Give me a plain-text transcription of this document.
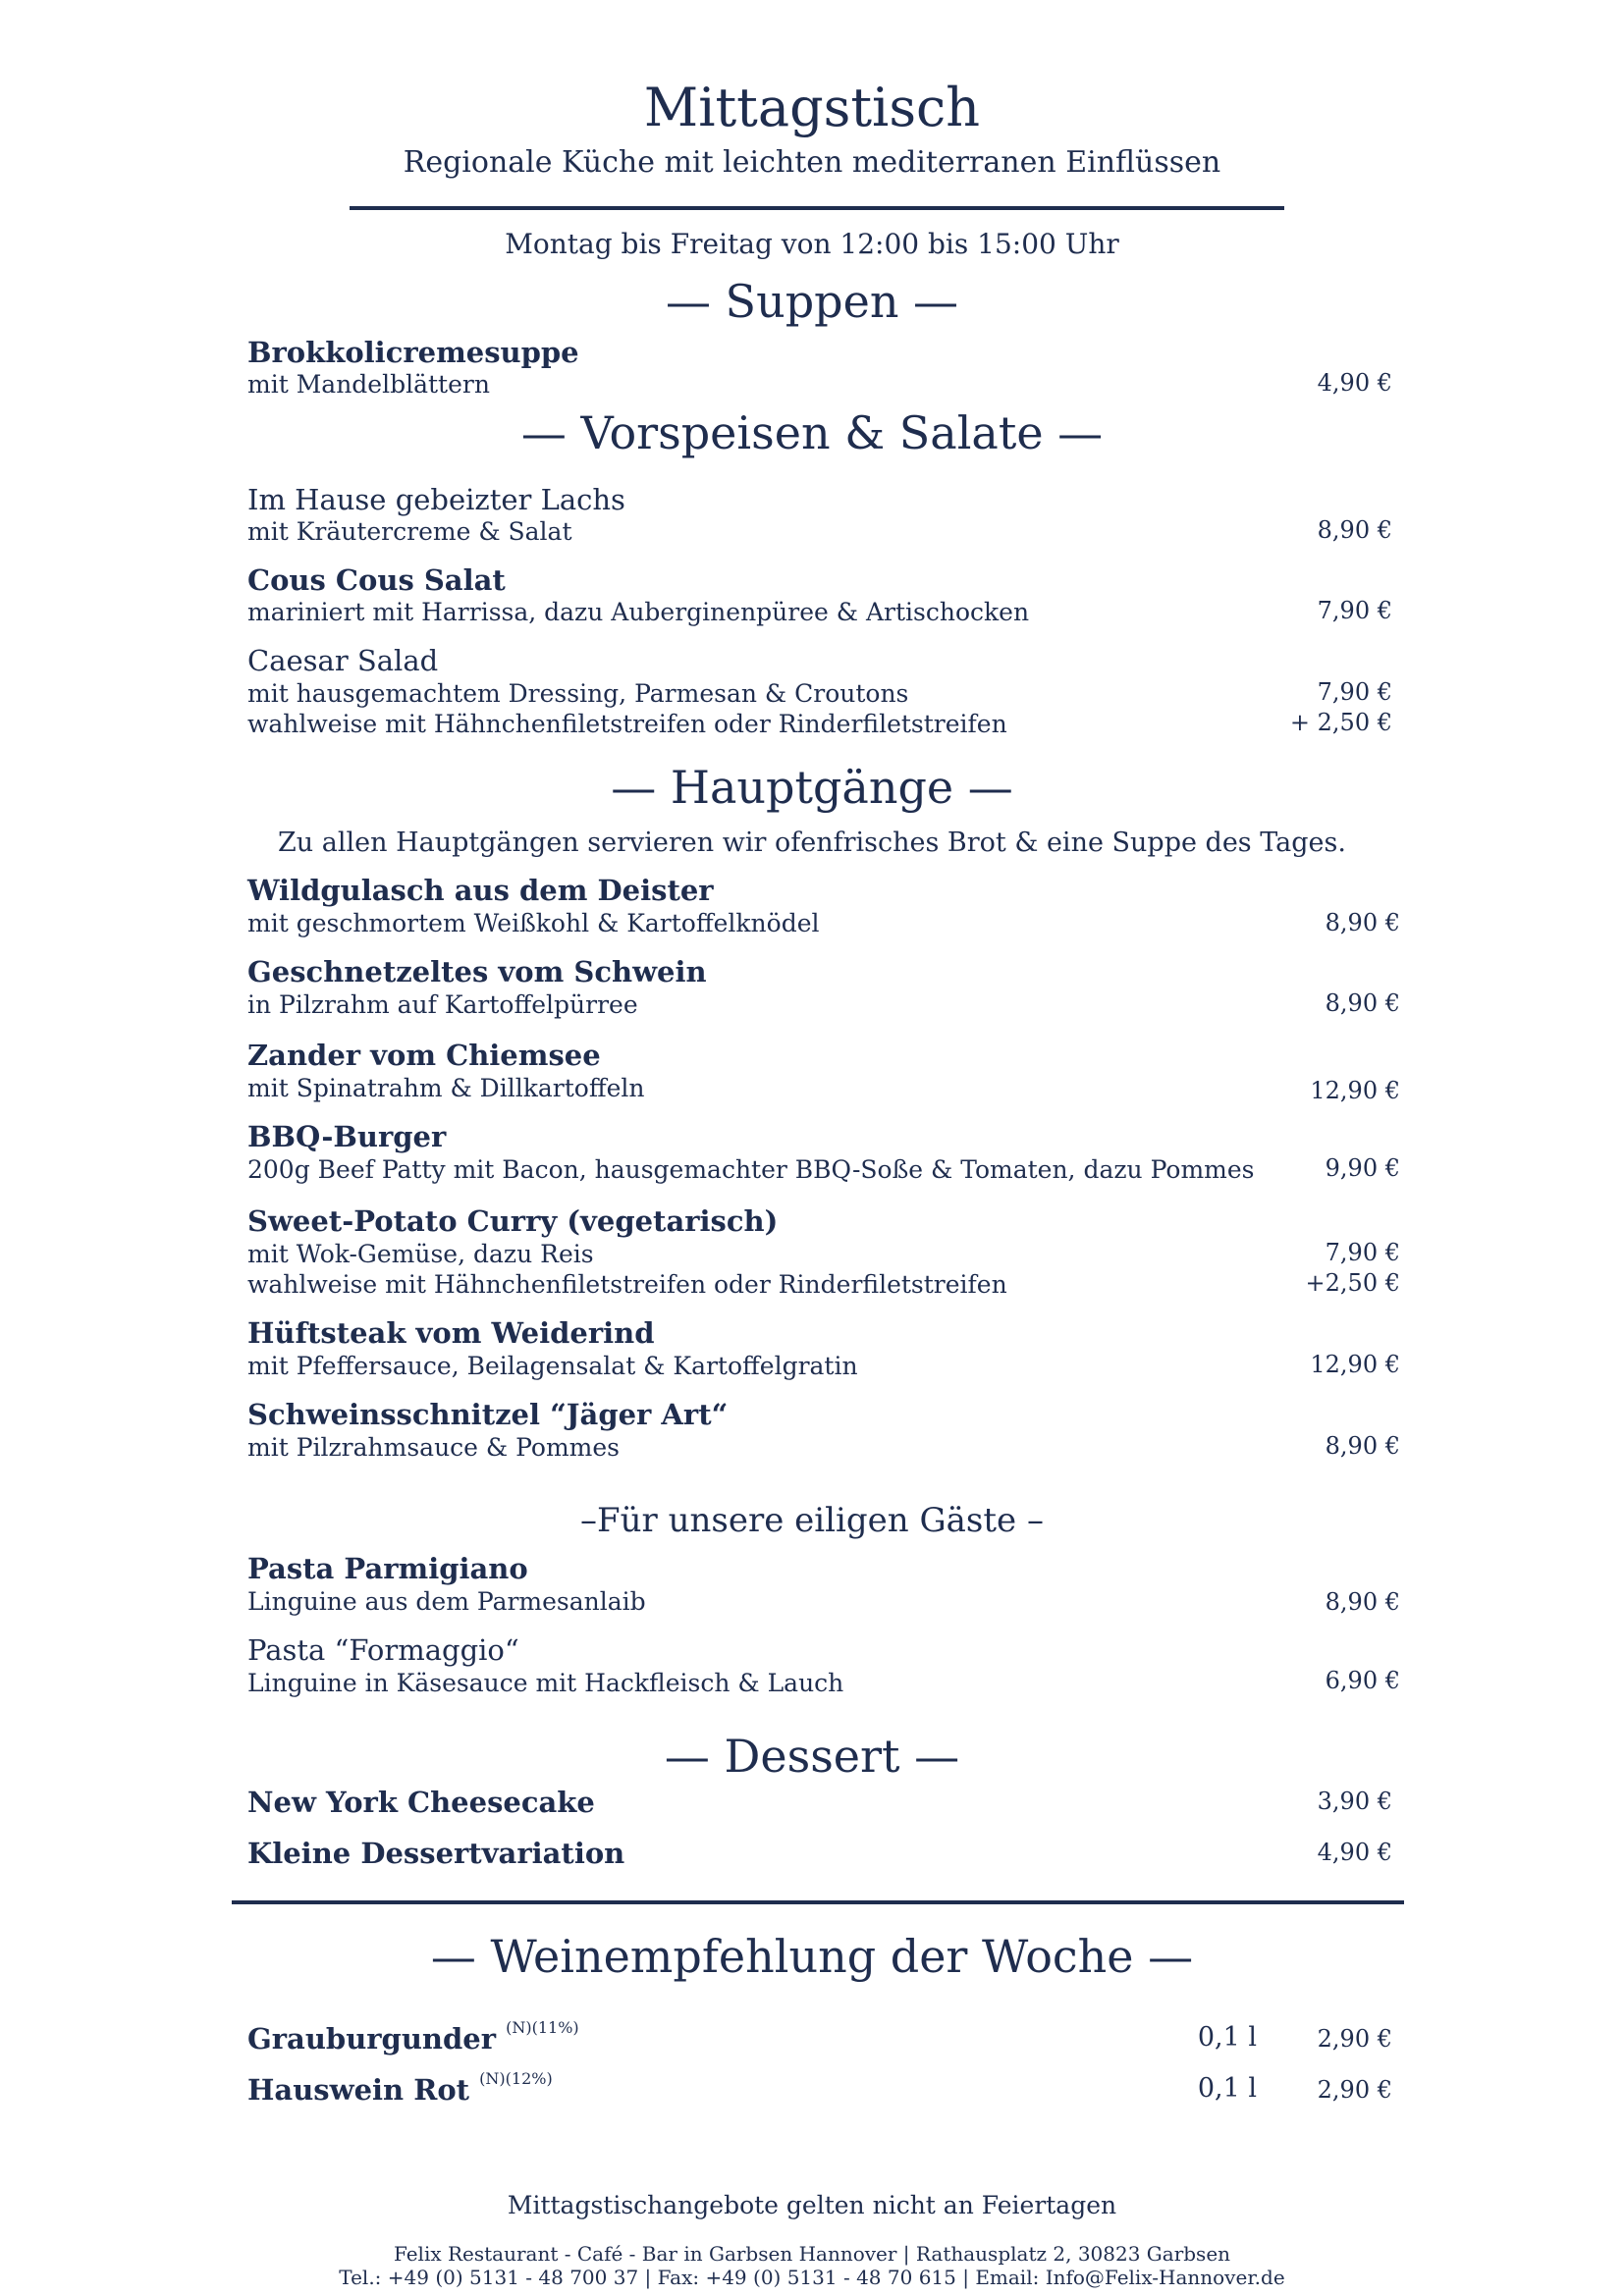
Mittagstisch
Regionale Küche mit leichten mediterranen Einflüssen
Montag bis Freitag von 12:00 bis 15:00 Uhr
— Suppen —
Brokkolicremesuppe
mit Mandelblättern	4,90 €
— Vorspeisen & Salate —
Im Hause gebeizter Lachs
mit Kräutercreme & Salat	8,90 €
Cous Cous Salat
mariniert mit Harrissa, dazu Auberginenpüree & Artischocken	7,90 €
Caesar Salad
mit hausgemachtem Dressing, Parmesan & Croutons	7,90 €
wahlweise mit Hähnchenfiletstreifen oder Rinderfiletstreifen	+ 2,50 €
— Hauptgänge —
Zu allen Hauptgängen servieren wir ofenfrisches Brot & eine Suppe des Tages.
Wildgulasch aus dem Deister
mit geschmortem Weißkohl & Kartoffelknödel	8,90 €
Geschnetzeltes vom Schwein
in Pilzrahm auf Kartoffelpürree	8,90 €
Zander vom Chiemsee
mit Spinatrahm & Dillkartoffeln	12,90 €
BBQ-Burger
200g Beef Patty mit Bacon, hausgemachter BBQ-Soße & Tomaten, dazu Pommes	9,90 €
Sweet-Potato Curry (vegetarisch)
mit Wok-Gemüse, dazu Reis	7,90 €
wahlweise mit Hähnchenfiletstreifen oder Rinderfiletstreifen	+2,50 €
Hüftsteak vom Weiderind
mit Pfeffersauce, Beilagensalat & Kartoffelgratin	12,90 €
Schweinsschnitzel “Jäger Art“
mit Pilzrahmsauce & Pommes	8,90 €
–Für unsere eiligen Gäste –
Pasta Parmigiano
Linguine aus dem Parmesanlaib	8,90 €
Pasta “Formaggio“
Linguine in Käsesauce mit Hackfleisch & Lauch	6,90 €
— Dessert —
New York Cheesecake	3,90 €
Kleine Dessertvariation	4,90 €
— Weinempfehlung der Woche —
Grauburgunder $^{(N)(11\%)}$	0,1 l	2,90 €
Hauswein Rot $^{(N)(12\%)}$	0,1 l	2,90 €
Mittagstischangebote gelten nicht an Feiertagen
Felix Restaurant - Café - Bar in Garbsen Hannover | Rathausplatz 2, 30823 Garbsen
Tel.: +49 (0) 5131 - 48 700 37 | Fax: +49 (0) 5131 - 48 70 615 | Email: Info@Felix-Hannover.de
